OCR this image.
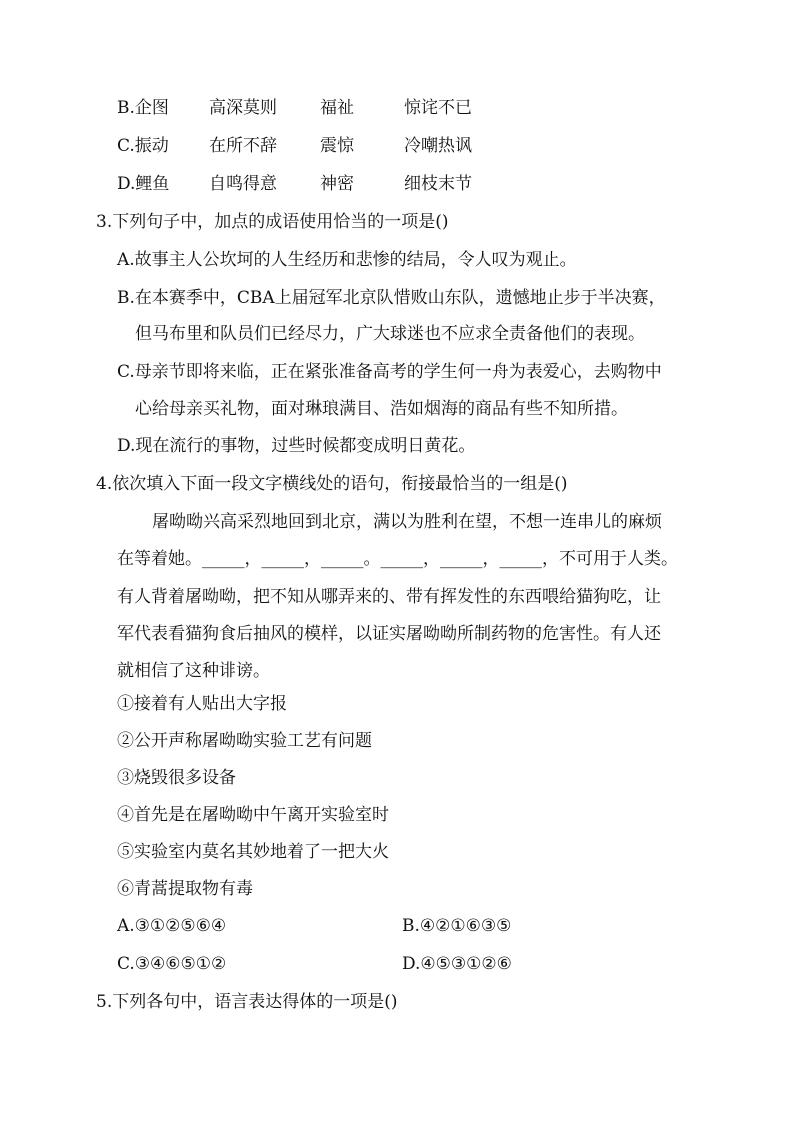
B.企图 高深莫则	福祉	惊诧不已
C.振动 在所不辞	震惊	冷嘲热讽
D.鲤鱼 自鸣得意	神密	细枝末节
3.下列句子中，加点的成语使用恰当的一项是()
A.故事主人公坎坷的人生经历和悲惨的结局，令人叹为观止。
B.在本赛季中，CBA上届冠军北京队惜败山东队，遗憾地止步于半决赛，
但马布里和队员们已经尽力，广大球迷也不应求全责备他们的表现。
C.母亲节即将来临，正在紧张准备高考的学生何一舟为表爱心，去购物中
心给母亲买礼物，面对琳琅满目、浩如烟海的商品有些不知所措。
D.现在流行的事物，过些时候都变成明日黄花。
4.依次填入下面一段文字横线处的语句，衔接最恰当的一组是()
屠呦呦兴高采烈地回到北京，满以为胜利在望，不想一连串儿的麻烦
在等着她。_____，_____，_____。_____，_____，_____，不可用于人类。
有人背着屠呦呦，把不知从哪弄来的、带有挥发性的东西喂给猫狗吃，让
军代表看猫狗食后抽风的模样，以证实屠呦呦所制药物的危害性。有人还
就相信了这种诽谤。
①接着有人贴出大字报
②公开声称屠呦呦实验工艺有问题
③烧毁很多设备
④首先是在屠呦呦中午离开实验室时
⑤实验室内莫名其妙地着了一把大火
⑥青蒿提取物有毒
A.③①②⑤⑥④	B.④②①⑥③⑤
C.③④⑥⑤①②	D.④⑤③①②⑥
5.下列各句中，语言表达得体的一项是()
